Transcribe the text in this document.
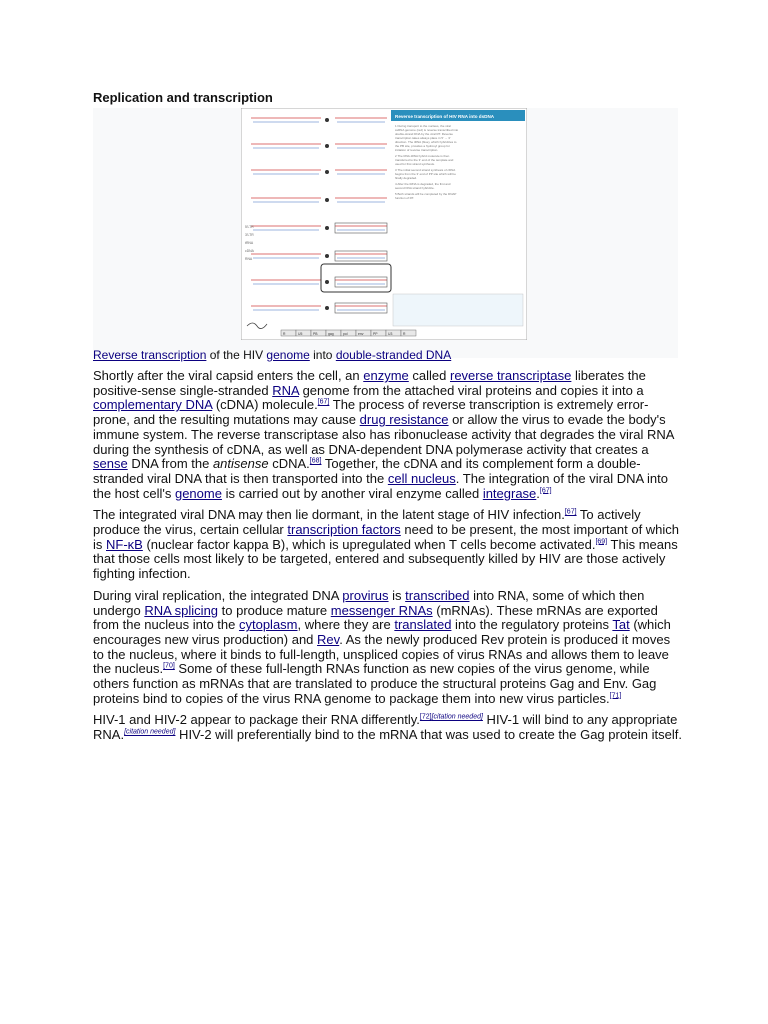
Replication and transcription
Reverse transcription of HIV RNA into dsDNA
1 During transport to the nucleus, the viral
ssRNA genome (red) is reverse transcribed into
double-strand DNA by the viral RT. Reverse
transcription takes always place in 5' → 3'
direction. The tRNA (blue), which hybridizes to
the PB site, provides a hydroxyl group for
initiation of reverse transcription.
2 The RNA-tRNA hybrid molecule is then
transferred to the 3' end of the template and
used for first strand synthesis.
3 The initial second strand synthesis of cDNA
begins from the 3' end of PP site which will be
finally degraded.
4 After the tRNA is degraded, the first and
second DNA strand hybridize.
5 Both strands will be completed by the DNAP
function of RT.
5'LTR
3'LTR
tRNA
cDNA
RNA
R	U5	PB	gag	pol	env	PP	U3	R
Reverse transcription of the HIV genome into double-stranded DNA

Shortly after the viral capsid enters the cell, an enzyme called reverse transcriptase liberates the positive-sense single-stranded RNA genome from the attached viral proteins and copies it into a complementary DNA (cDNA) molecule.[67] The process of reverse transcription is extremely error-prone, and the resulting mutations may cause drug resistance or allow the virus to evade the body's immune system. The reverse transcriptase also has ribonuclease activity that degrades the viral RNA during the synthesis of cDNA, as well as DNA-dependent DNA polymerase activity that creates a sense DNA from the antisense cDNA.[68] Together, the cDNA and its complement form a double-stranded viral DNA that is then transported into the cell nucleus. The integration of the viral DNA into the host cell's genome is carried out by another viral enzyme called integrase.[67]

The integrated viral DNA may then lie dormant, in the latent stage of HIV infection.[67] To actively produce the virus, certain cellular transcription factors need to be present, the most important of which is NF-κB (nuclear factor kappa B), which is upregulated when T cells become activated.[69] This means that those cells most likely to be targeted, entered and subsequently killed by HIV are those actively fighting infection.

During viral replication, the integrated DNA provirus is transcribed into RNA, some of which then undergo RNA splicing to produce mature messenger RNAs (mRNAs). These mRNAs are exported from the nucleus into the cytoplasm, where they are translated into the regulatory proteins Tat (which encourages new virus production) and Rev. As the newly produced Rev protein is produced it moves to the nucleus, where it binds to full-length, unspliced copies of virus RNAs and allows them to leave the nucleus.[70] Some of these full-length RNAs function as new copies of the virus genome, while others function as mRNAs that are translated to produce the structural proteins Gag and Env. Gag proteins bind to copies of the virus RNA genome to package them into new virus particles.[71]

HIV-1 and HIV-2 appear to package their RNA differently.[72][citation needed] HIV-1 will bind to any appropriate RNA.[citation needed] HIV-2 will preferentially bind to the mRNA that was used to create the Gag protein itself.
